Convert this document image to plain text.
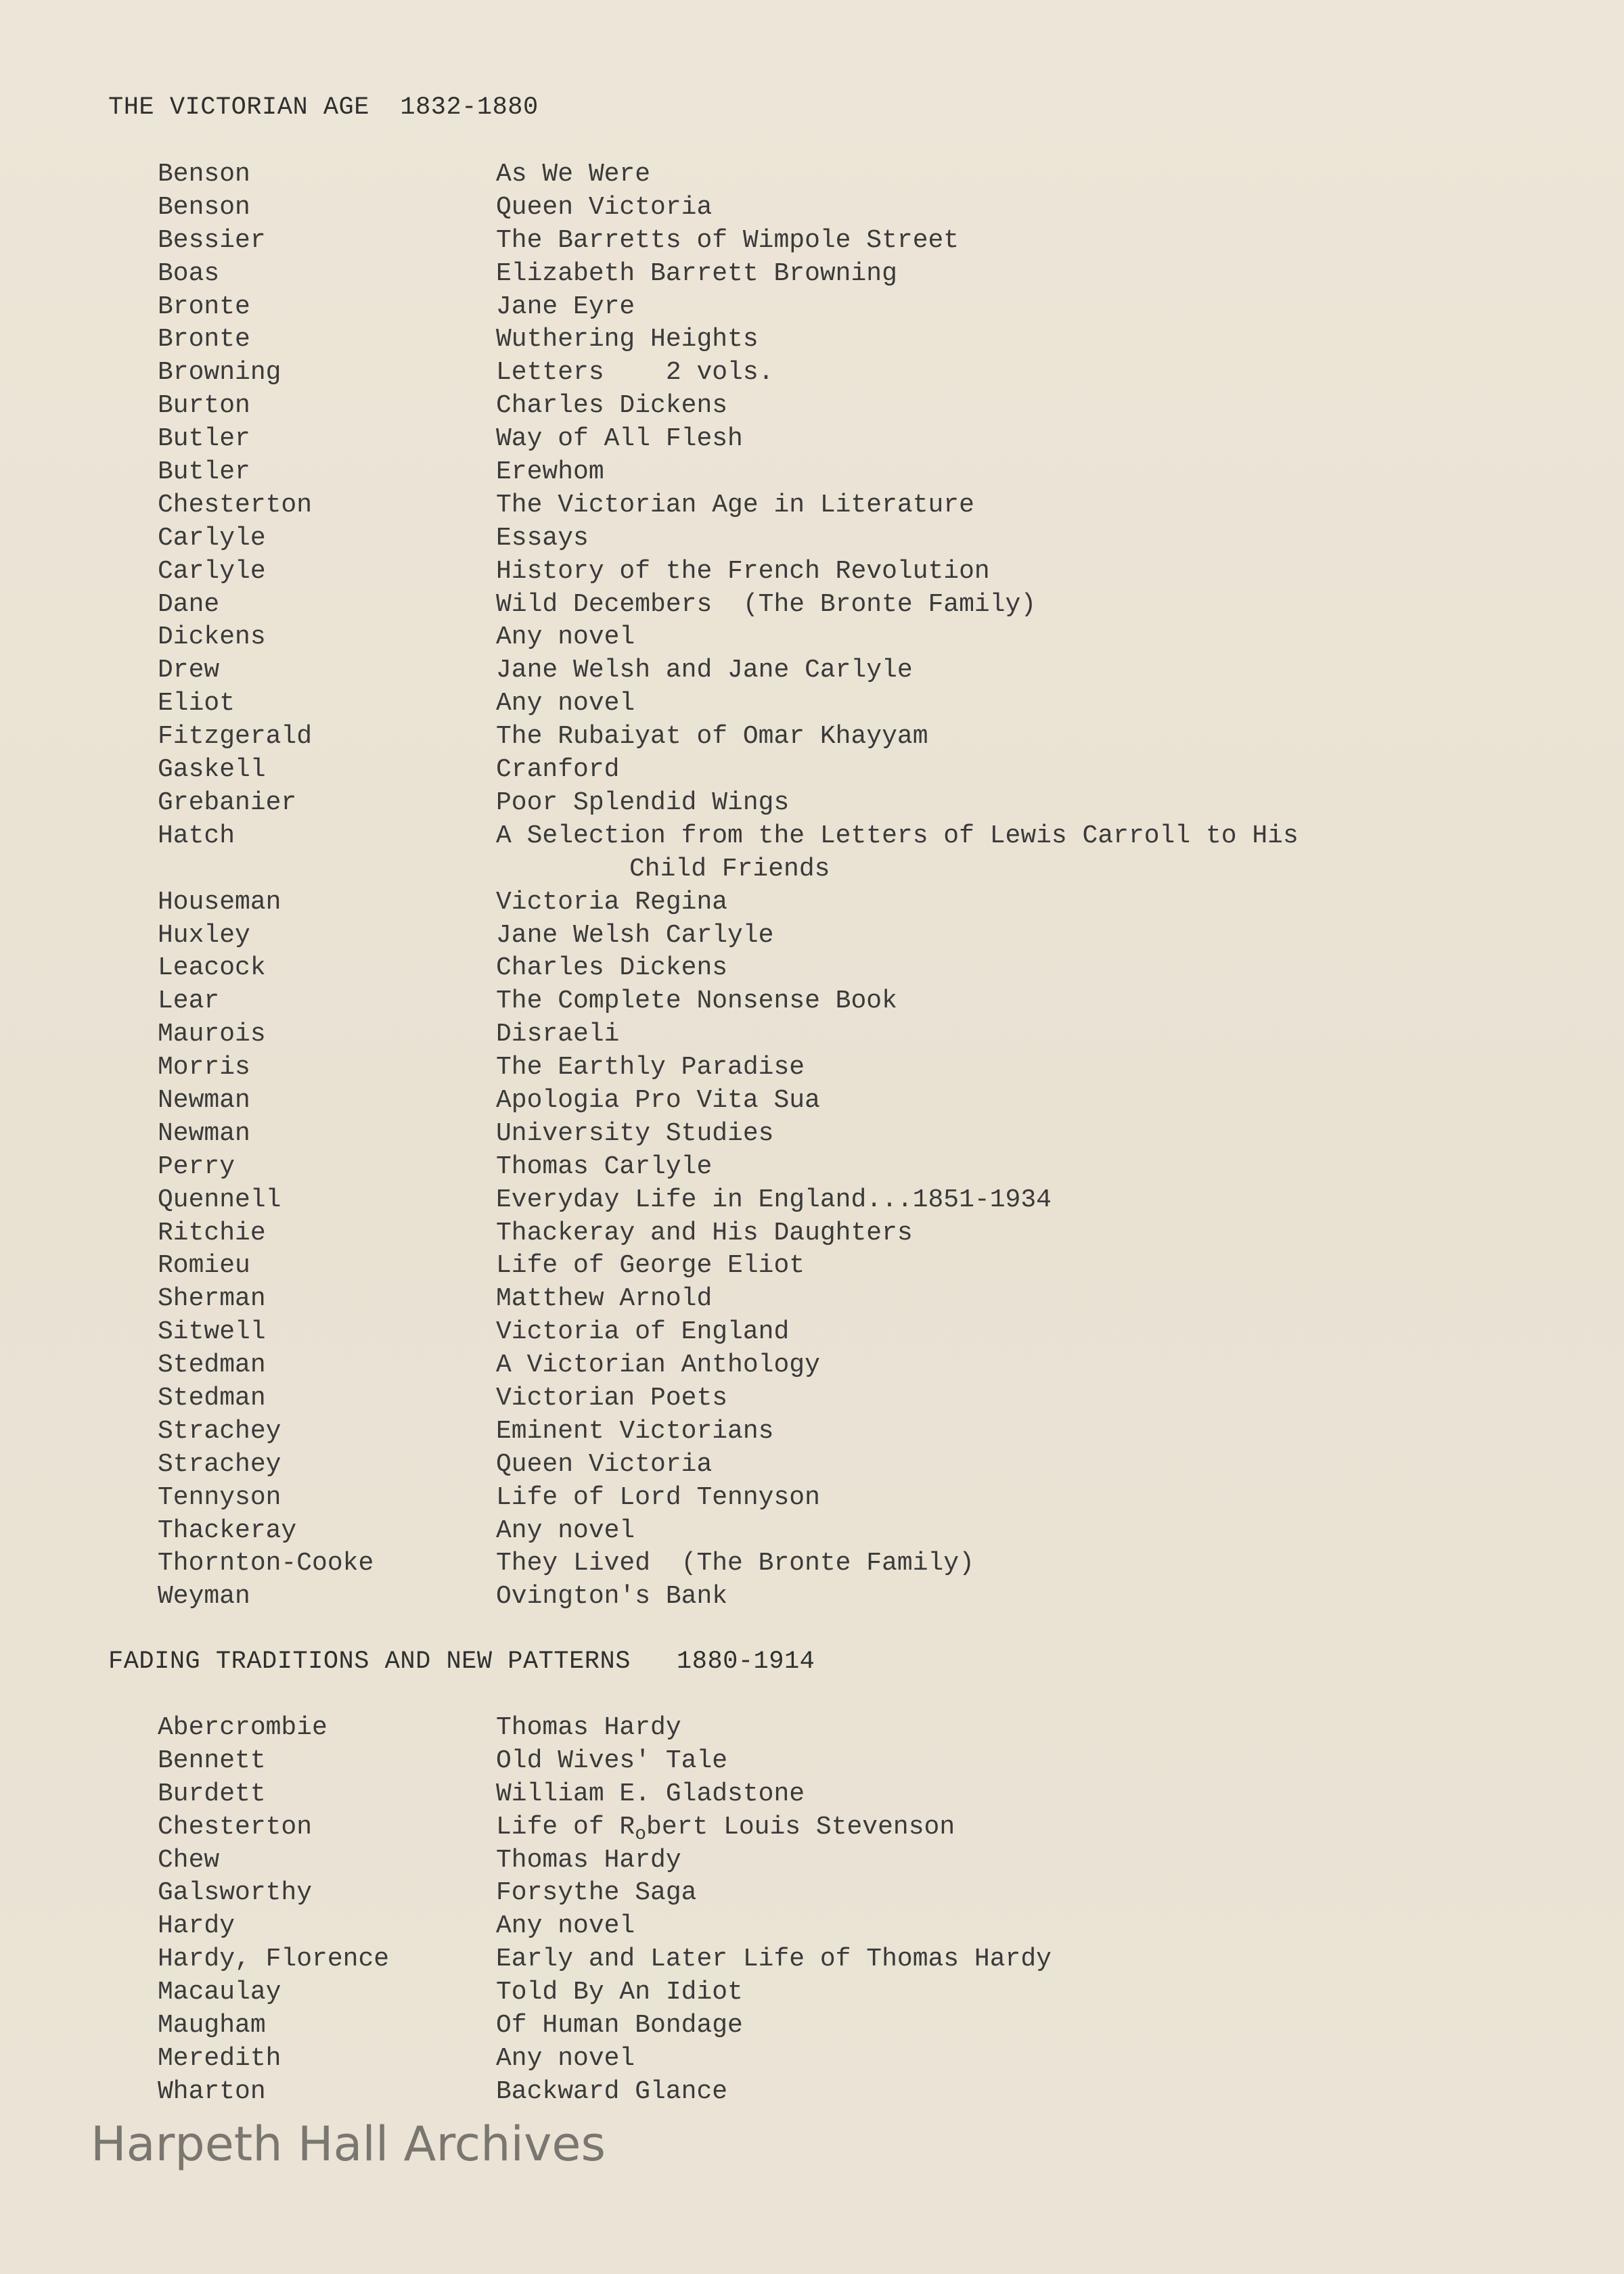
THE VICTORIAN AGE  1832-1880
Benson	As We Were
Benson	Queen Victoria
Bessier	The Barretts of Wimpole Street
Boas	Elizabeth Barrett Browning
Bronte	Jane Eyre
Bronte	Wuthering Heights
Browning	Letters    2 vols.
Burton	Charles Dickens
Butler	Way of All Flesh
Butler	Erewhom
Chesterton	The Victorian Age in Literature
Carlyle	Essays
Carlyle	History of the French Revolution
Dane	Wild Decembers  (The Bronte Family)
Dickens	Any novel
Drew	Jane Welsh and Jane Carlyle
Eliot	Any novel
Fitzgerald	The Rubaiyat of Omar Khayyam
Gaskell	Cranford
Grebanier	Poor Splendid Wings
Hatch	A Selection from the Letters of Lewis Carroll to His
Child Friends
Houseman	Victoria Regina
Huxley	Jane Welsh Carlyle
Leacock	Charles Dickens
Lear	The Complete Nonsense Book
Maurois	Disraeli
Morris	The Earthly Paradise
Newman	Apologia Pro Vita Sua
Newman	University Studies
Perry	Thomas Carlyle
Quennell	Everyday Life in England...1851-1934
Ritchie	Thackeray and His Daughters
Romieu	Life of George Eliot
Sherman	Matthew Arnold
Sitwell	Victoria of England
Stedman	A Victorian Anthology
Stedman	Victorian Poets
Strachey	Eminent Victorians
Strachey	Queen Victoria
Tennyson	Life of Lord Tennyson
Thackeray	Any novel
Thornton-Cooke	They Lived  (The Bronte Family)
Weyman	Ovington's Bank
FADING TRADITIONS AND NEW PATTERNS   1880-1914
Abercrombie	Thomas Hardy
Bennett	Old Wives' Tale
Burdett	William E. Gladstone
Chesterton	Life of $R_obert$ Louis Stevenson
Chew	Thomas Hardy
Galsworthy	Forsythe Saga
Hardy	Any novel
Hardy, Florence	Early and Later Life of Thomas Hardy
Macaulay	Told By An Idiot
Maugham	Of Human Bondage
Meredith	Any novel
Wharton	Backward Glance
Harpeth Hall Archives
